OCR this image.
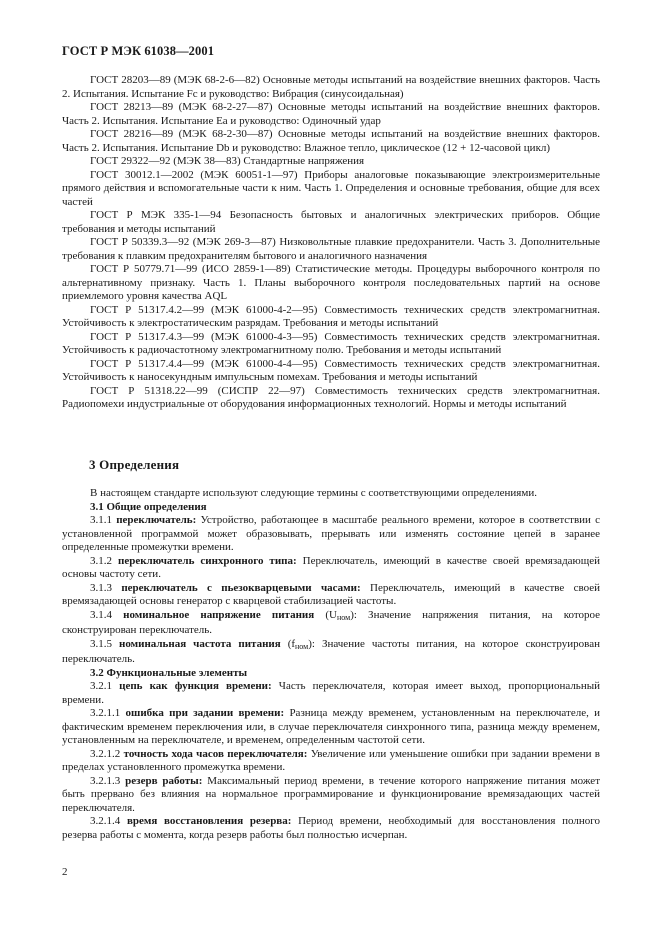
ГОСТ Р МЭК 61038—2001

ГОСТ 28203—89 (МЭК 68-2-6—82) Основные методы испытаний на воздействие внешних факторов. Часть 2. Испытания. Испытание Fc и руководство: Вибрация (синусоидальная)

ГОСТ 28213—89 (МЭК 68-2-27—87) Основные методы испытаний на воздействие внешних факторов. Часть 2. Испытания. Испытание Ea и руководство: Одиночный удар

ГОСТ 28216—89 (МЭК 68-2-30—87) Основные методы испытаний на воздействие внешних факторов. Часть 2. Испытания. Испытание Db и руководство: Влажное тепло, циклическое (12 + 12-часовой цикл)

ГОСТ 29322—92 (МЭК 38—83) Стандартные напряжения

ГОСТ 30012.1—2002 (МЭК 60051-1—97) Приборы аналоговые показывающие электроизмерительные прямого действия и вспомогательные части к ним. Часть 1. Определения и основные требования, общие для всех частей

ГОСТ Р МЭК 335-1—94 Безопасность бытовых и аналогичных электрических приборов. Общие требования и методы испытаний

ГОСТ Р 50339.3—92 (МЭК 269-3—87) Низковольтные плавкие предохранители. Часть 3. Дополнительные требования к плавким предохранителям бытового и аналогичного назначения

ГОСТ Р 50779.71—99 (ИСО 2859-1—89) Статистические методы. Процедуры выборочного контроля по альтернативному признаку. Часть 1. Планы выборочного контроля последовательных партий на основе приемлемого уровня качества AQL

ГОСТ Р 51317.4.2—99 (МЭК 61000-4-2—95) Совместимость технических средств электромагнитная. Устойчивость к электростатическим разрядам. Требования и методы испытаний

ГОСТ Р 51317.4.3—99 (МЭК 61000-4-3—95) Совместимость технических средств электромагнитная. Устойчивость к радиочастотному электромагнитному полю. Требования и методы испытаний

ГОСТ Р 51317.4.4—99 (МЭК 61000-4-4—95) Совместимость технических средств электромагнитная. Устойчивость к наносекундным импульсным помехам. Требования и методы испытаний

ГОСТ Р 51318.22—99 (СИСПР 22—97) Совместимость технических средств электромагнитная. Радиопомехи индустриальные от оборудования информационных технологий. Нормы и методы испытаний

3 Определения

В настоящем стандарте используют следующие термины с соответствующими определениями.

3.1 Общие определения

3.1.1 переключатель: Устройство, работающее в масштабе реального времени, которое в соответствии с установленной программой может образовывать, прерывать или изменять состояние цепей в заранее определенные промежутки времени.

3.1.2 переключатель синхронного типа: Переключатель, имеющий в качестве своей времязадающей основы частоту сети.

3.1.3 переключатель с пьезокварцевыми часами: Переключатель, имеющий в качестве своей времязадающей основы генератор с кварцевой стабилизацией частоты.

3.1.4 номинальное напряжение питания (Uном): Значение напряжения питания, на которое сконструирован переключатель.

3.1.5 номинальная частота питания (fном): Значение частоты питания, на которое сконструирован переключатель.

3.2 Функциональные элементы

3.2.1 цепь как функция времени: Часть переключателя, которая имеет выход, пропорциональный времени.

3.2.1.1 ошибка при задании времени: Разница между временем, установленным на переключателе, и фактическим временем переключения или, в случае переключателя синхронного типа, разница между временем, установленным на переключателе, и временем, определенным частотой сети.

3.2.1.2 точность хода часов переключателя: Увеличение или уменьшение ошибки при задании времени в пределах установленного промежутка времени.

3.2.1.3 резерв работы: Максимальный период времени, в течение которого напряжение питания может быть прервано без влияния на нормальное программирование и функционирование времязадающих частей переключателя.

3.2.1.4 время восстановления резерва: Период времени, необходимый для восстановления полного резерва работы с момента, когда резерв работы был полностью исчерпан.

2
